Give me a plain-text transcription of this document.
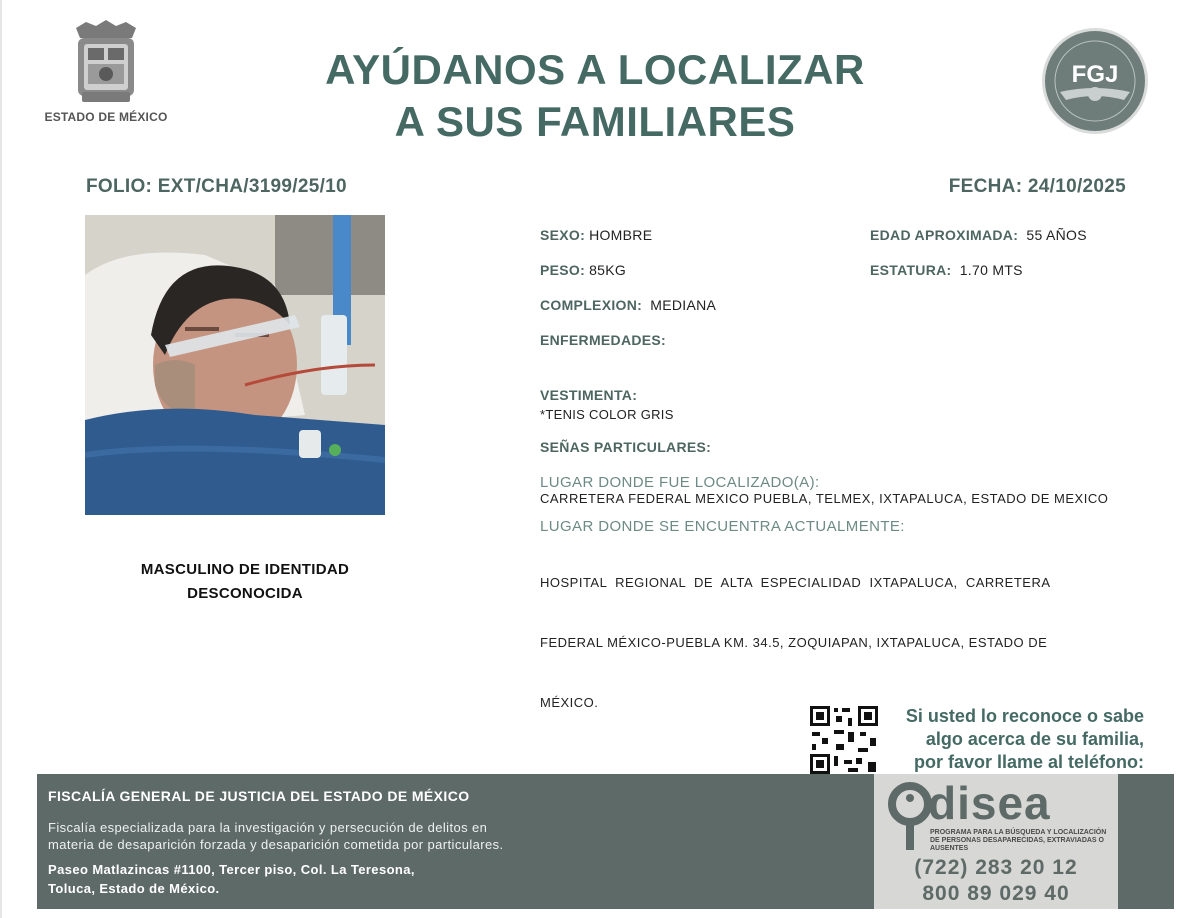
ESTADO DE MÉXICO
AYÚDANOS A LOCALIZAR
A SUS FAMILIARES
FGJ
FOLIO: EXT/CHA/3199/25/10	FECHA: 24/10/2025
MASCULINO DE IDENTIDAD
DESCONOCIDA
SEXO: HOMBRE	EDAD APROXIMADA: 55 AÑOS
PESO: 85KG	ESTATURA: 1.70 MTS
COMPLEXION: MEDIANA
ENFERMEDADES:
VESTIMENTA:
*TENIS COLOR GRIS
SEÑAS PARTICULARES:
LUGAR DONDE FUE LOCALIZADO(A):
CARRETERA FEDERAL MEXICO PUEBLA, TELMEX, IXTAPALUCA, ESTADO DE MEXICO
LUGAR DONDE SE ENCUENTRA ACTUALMENTE:

HOSPITAL  REGIONAL  DE  ALTA  ESPECIALIDAD  IXTAPALUCA,  CARRETERA

FEDERAL MÉXICO-PUEBLA KM. 34.5, ZOQUIAPAN, IXTAPALUCA, ESTADO DE

MÉXICO.

Si usted lo reconoce o sabe
algo acerca de su familia,
por favor llame al teléfono:
FISCALÍA GENERAL DE JUSTICIA DEL ESTADO DE MÉXICO
Fiscalía especializada para la investigación y persecución de delitos en
materia de desaparición forzada y desaparición cometida por particulares.
Paseo Matlazincas #1100, Tercer piso, Col. La Teresona,
Toluca, Estado de México.
disea
PROGRAMA PARA LA BÚSQUEDA Y LOCALIZACIÓN DE PERSONAS DESAPARECIDAS, EXTRAVIADAS O AUSENTES
(722) 283 20 12
800 89 029 40
